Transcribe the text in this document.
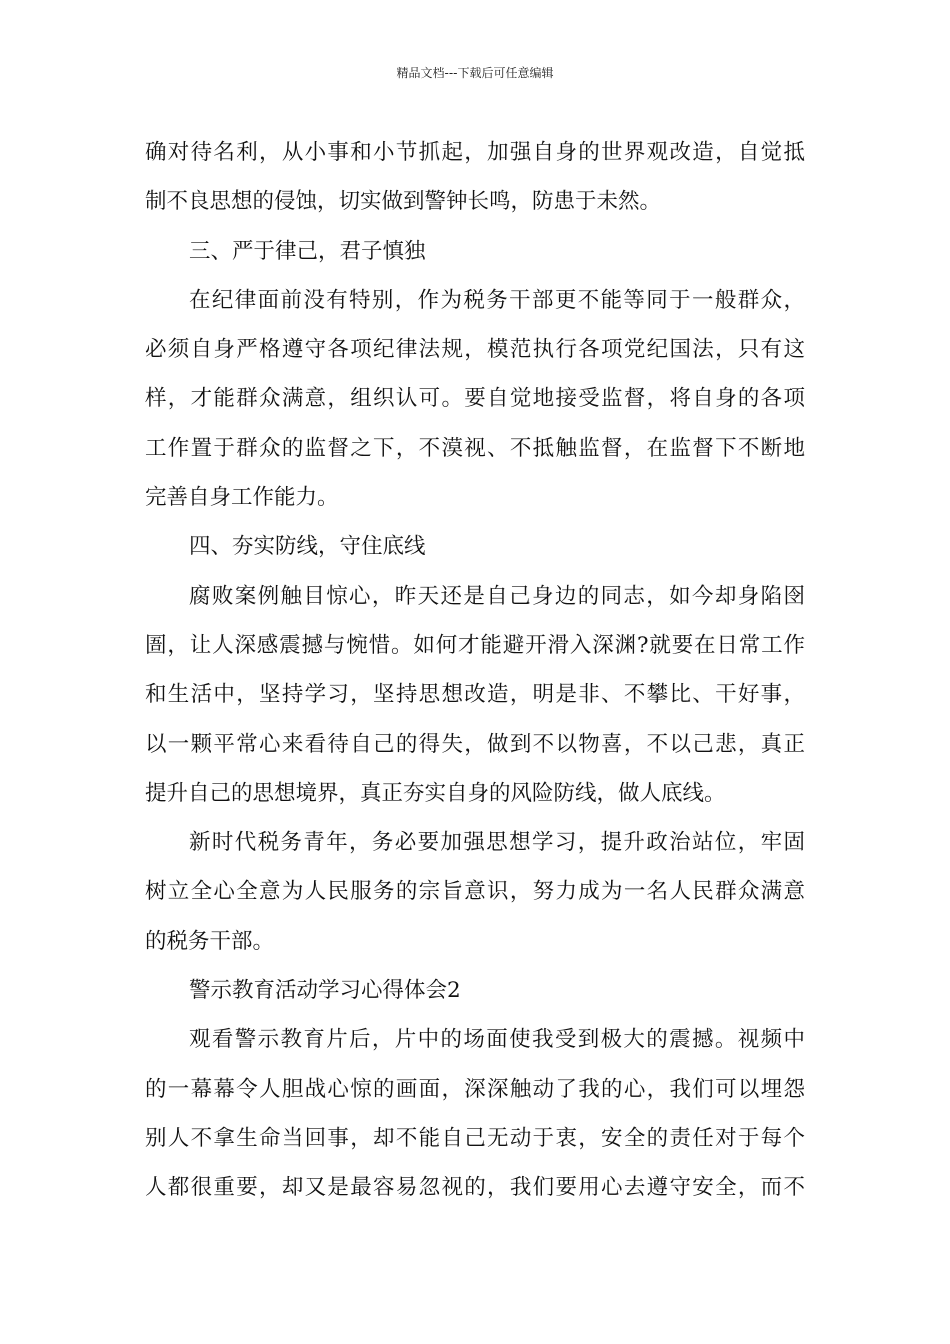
精品文档---下载后可任意编辑
确对待名利，从小事和小节抓起，加强自身的世界观改造，自觉抵
制不良思想的侵蚀，切实做到警钟长鸣，防患于未然。
三、严于律己，君子慎独
在纪律面前没有特别，作为税务干部更不能等同于一般群众，
必须自身严格遵守各项纪律法规，模范执行各项党纪国法，只有这
样，才能群众满意，组织认可。要自觉地接受监督，将自身的各项
工作置于群众的监督之下，不漠视、不抵触监督，在监督下不断地
完善自身工作能力。
四、夯实防线，守住底线
腐败案例触目惊心，昨天还是自己身边的同志，如今却身陷囹
圄，让人深感震撼与惋惜。如何才能避开滑入深渊?就要在日常工作
和生活中，坚持学习，坚持思想改造，明是非、不攀比、干好事，
以一颗平常心来看待自己的得失，做到不以物喜，不以己悲，真正
提升自己的思想境界，真正夯实自身的风险防线，做人底线。
新时代税务青年，务必要加强思想学习，提升政治站位，牢固
树立全心全意为人民服务的宗旨意识，努力成为一名人民群众满意
的税务干部。
警示教育活动学习心得体会2
观看警示教育片后，片中的场面使我受到极大的震撼。视频中
的一幕幕令人胆战心惊的画面，深深触动了我的心，我们可以埋怨
别人不拿生命当回事，却不能自己无动于衷，安全的责任对于每个
人都很重要，却又是最容易忽视的，我们要用心去遵守安全，而不
